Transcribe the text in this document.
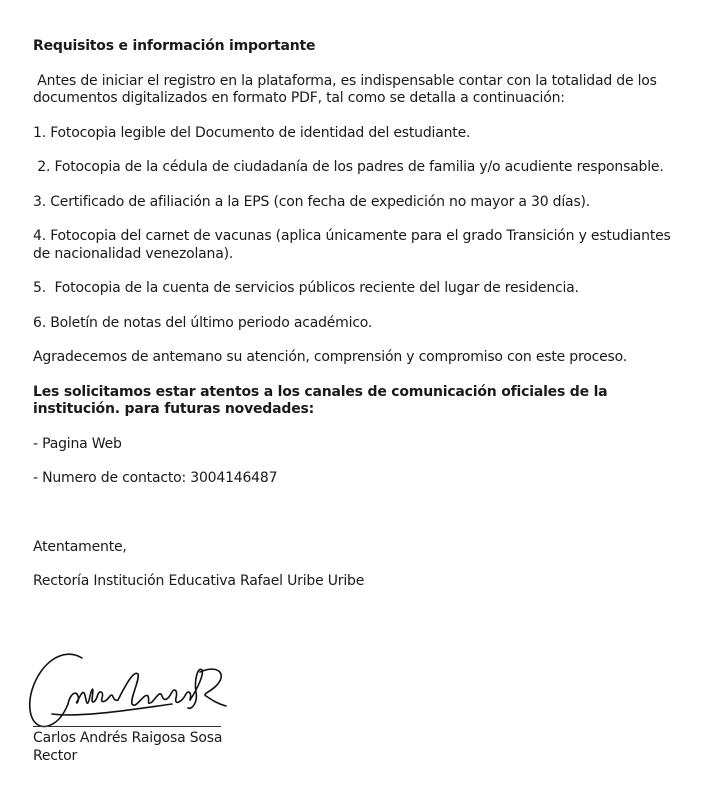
Requisitos e información importante
Antes de iniciar el registro en la plataforma, es indispensable contar con la totalidad de los documentos digitalizados en formato PDF, tal como se detalla a continuación:
1. Fotocopia legible del Documento de identidad del estudiante.
2. Fotocopia de la cédula de ciudadanía de los padres de familia y/o acudiente responsable.
3. Certificado de afiliación a la EPS (con fecha de expedición no mayor a 30 días).
4. Fotocopia del carnet de vacunas (aplica únicamente para el grado Transición y estudiantes de nacionalidad venezolana).
5.  Fotocopia de la cuenta de servicios públicos reciente del lugar de residencia.
6. Boletín de notas del último periodo académico.
Agradecemos de antemano su atención, comprensión y compromiso con este proceso.
Les solicitamos estar atentos a los canales de comunicación oficiales de la institución. para futuras novedades:
- Pagina Web
- Numero de contacto: 3004146487
Atentamente,
Rectoría Institución Educativa Rafael Uribe Uribe
Carlos Andrés Raigosa Sosa
Rector
